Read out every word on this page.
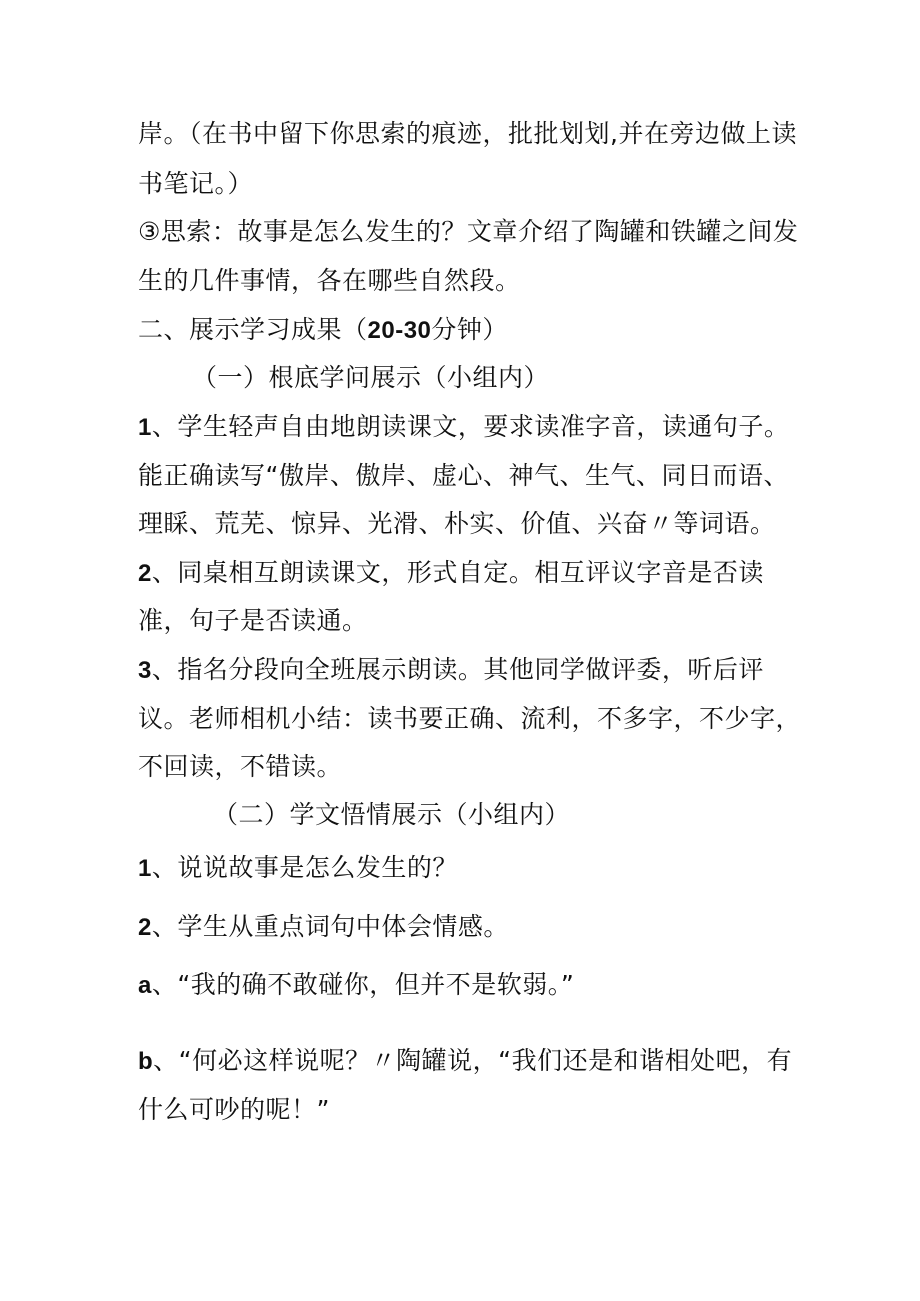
岸。（在书中留下你思索的痕迹，批批划划,并在旁边做上读
书笔记。）
③思索：故事是怎么发生的？文章介绍了陶罐和铁罐之间发
生的几件事情，各在哪些自然段。
二、展示学习成果（20-30分钟）
（一）根底学问展示（小组内）
1、学生轻声自由地朗读课文，要求读准字音，读通句子。
能正确读写“傲岸、傲岸、虚心、神气、生气、同日而语、
理睬、荒芜、惊异、光滑、朴实、价值、兴奋〃等词语。
2、同桌相互朗读课文，形式自定。相互评议字音是否读
准，句子是否读通。
3、指名分段向全班展示朗读。其他同学做评委，听后评
议。老师相机小结：读书要正确、流利，不多字，不少字，
不回读，不错读。
（二）学文悟情展示（小组内）
1、说说故事是怎么发生的？
2、学生从重点词句中体会情感。
a、“我的确不敢碰你，但并不是软弱。”
b、“何必这样说呢？〃陶罐说，“我们还是和谐相处吧，有
什么可吵的呢！”
